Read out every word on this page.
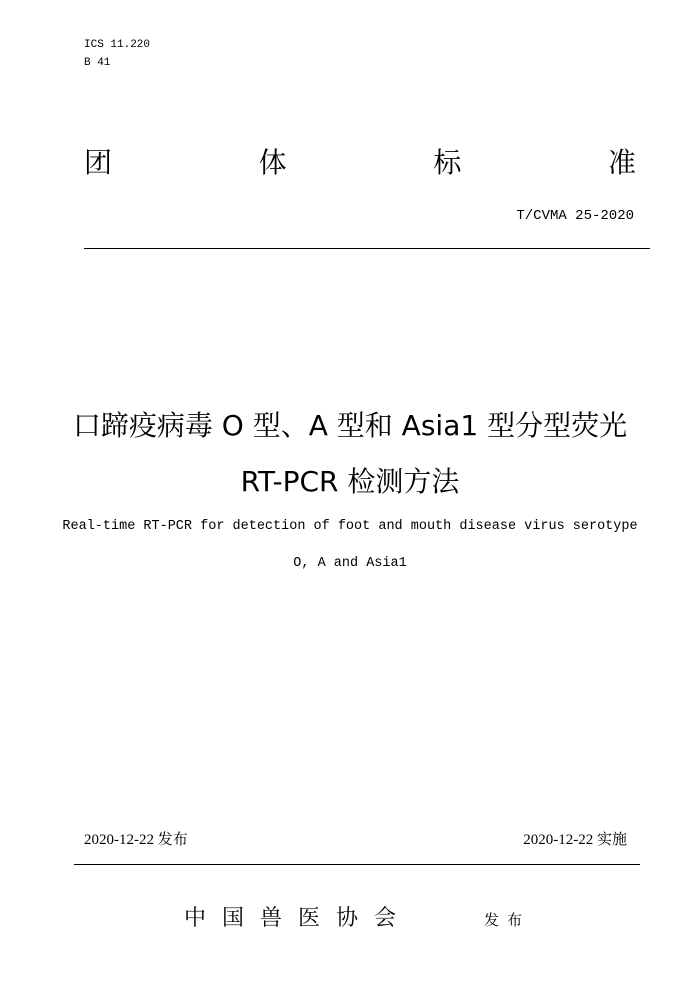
ICS 11.220
B 41
团	体	标	准
T/CVMA 25-2020
口蹄疫病毒 O 型、A 型和 Asia1 型分型荧光
RT-PCR 检测方法
Real-time RT-PCR for detection of foot and mouth disease virus serotype
O, A and Asia1
2020-12-22 发布	2020-12-22 实施
中国兽医协会	发布
